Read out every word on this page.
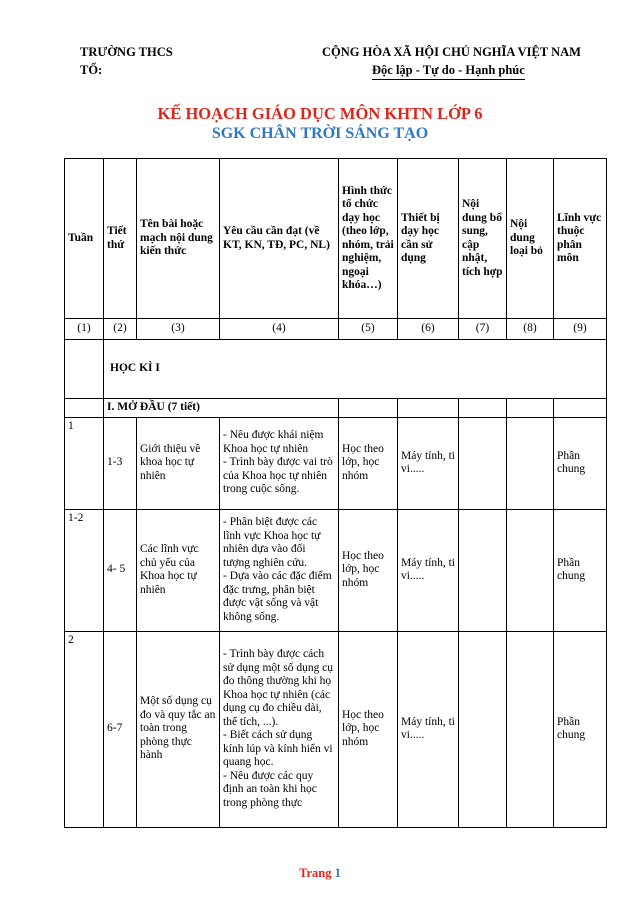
TRƯỜNG THCS
TỔ:
CỘNG HÒA XÃ HỘI CHỦ NGHĨA VIỆT NAM
Độc lập - Tự do - Hạnh phúc
KẾ HOẠCH GIÁO DỤC MÔN KHTN LỚP 6
SGK CHÂN TRỜI SÁNG TẠO
Tuần	Tiết thứ	Tên bài hoặc mạch nội dung kiến thức	Yêu cầu cần đạt (về KT, KN, TĐ, PC, NL)	Hình thức tổ chức dạy học (theo lớp, nhóm, trải nghiệm, ngoại khóa…)	Thiết bị dạy học cần sử dụng	Nội dung bổ sung, cập nhật, tích hợp	Nội dung loại bỏ	Lĩnh vực thuộc phân môn
(1)	(2)	(3)	(4)	(5)	(6)	(7)	(8)	(9)
	HỌC KÌ I							
	I. MỞ ĐẦU (7 tiết)							
1	1-3	Giới thiệu về khoa học tự nhiên	- Nêu được khái niệm Khoa học tự nhiên
- Trình bày được vai trò của Khoa học tự nhiên trong cuộc sống.	Học theo lớp, học nhóm	Máy tính, ti vi.....			Phần chung
1-2	4- 5	Các lĩnh vực chủ yếu của Khoa học tự nhiên	- Phân biệt được các lĩnh vực Khoa học tự nhiên dựa vào đối tượng nghiên cứu.
- Dựa vào các đặc điểm đặc trưng, phân biệt được vật sống và vật không sống.	Học theo lớp, học nhóm	Máy tính, ti vi.....			Phần chung
2	6-7	Một số dụng cụ đo và quy tắc an toàn trong phòng thực hành	- Trình bày được cách sử dụng một số dụng cụ đo thông thường khi họ
Khoa học tự nhiên (các dụng cụ đo chiều dài, thể tích, ...).
- Biết cách sử dụng kính lúp và kính hiển vi quang học.
- Nêu được các quy định an toàn khi học trong phòng thực	Học theo lớp, học nhóm	Máy tính, ti vi.....			Phần chung
Trang 1
